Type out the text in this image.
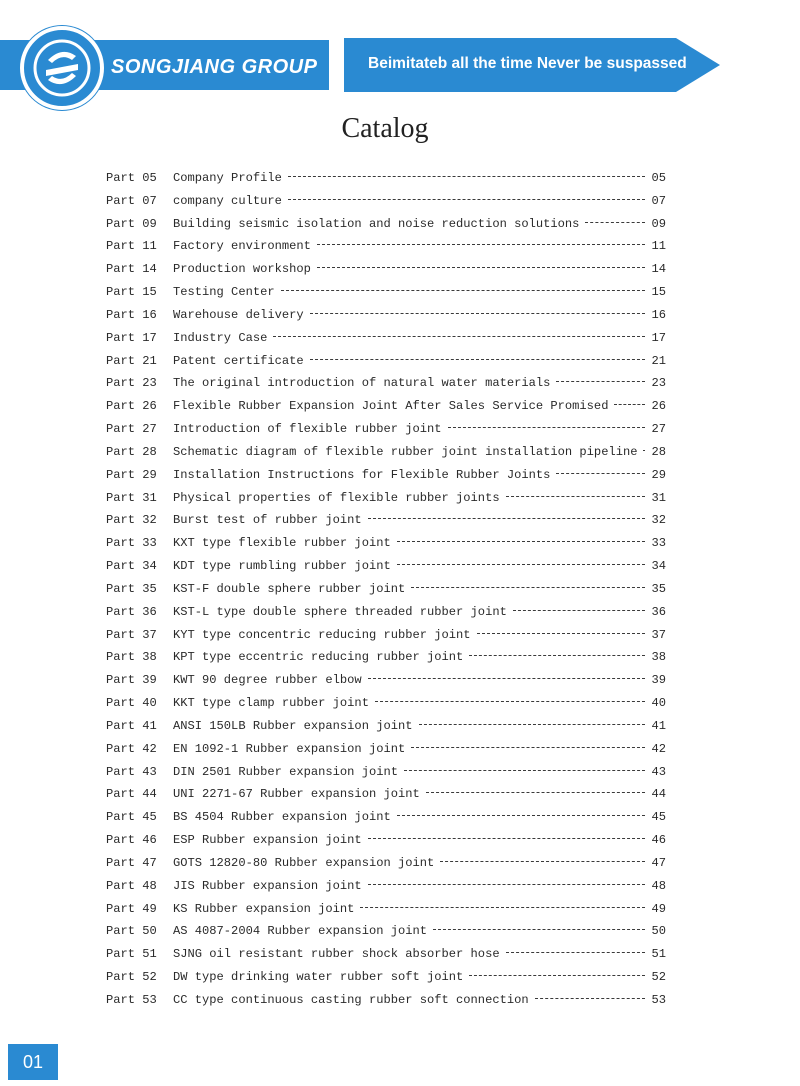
SONGJIANG GROUP	Beimitateb all the time Never be suspassed
Catalog
Part 05	Company Profile	05
Part 07	company culture	07
Part 09	Building seismic isolation and noise reduction solutions	09
Part 11	Factory environment	11
Part 14	Production workshop	14
Part 15	Testing Center	15
Part 16	Warehouse delivery	16
Part 17	Industry Case	17
Part 21	Patent certificate	21
Part 23	The original introduction of natural water materials	23
Part 26	Flexible Rubber Expansion Joint After Sales Service Promised	26
Part 27	Introduction of flexible rubber joint	27
Part 28	Schematic diagram of flexible rubber joint installation pipeline	28
Part 29	Installation Instructions for Flexible Rubber Joints	29
Part 31	Physical properties of flexible rubber joints	31
Part 32	Burst test of rubber joint	32
Part 33	KXT type flexible rubber joint	33
Part 34	KDT type rumbling rubber joint	34
Part 35	KST-F double sphere rubber joint	35
Part 36	KST-L type double sphere threaded rubber joint	36
Part 37	KYT type concentric reducing rubber joint	37
Part 38	KPT type eccentric reducing rubber joint	38
Part 39	KWT 90 degree rubber elbow	39
Part 40	KKT type clamp rubber joint	40
Part 41	ANSI 150LB Rubber expansion joint	41
Part 42	EN 1092-1 Rubber expansion joint	42
Part 43	DIN 2501 Rubber expansion joint	43
Part 44	UNI 2271-67 Rubber expansion joint	44
Part 45	BS 4504 Rubber expansion joint	45
Part 46	ESP Rubber expansion joint	46
Part 47	GOTS 12820-80 Rubber expansion joint	47
Part 48	JIS Rubber expansion joint	48
Part 49	KS Rubber expansion joint	49
Part 50	AS 4087-2004 Rubber expansion joint	50
Part 51	SJNG oil resistant rubber shock absorber hose	51
Part 52	DW type drinking water rubber soft joint	52
Part 53	CC type continuous casting rubber soft connection	53
01
